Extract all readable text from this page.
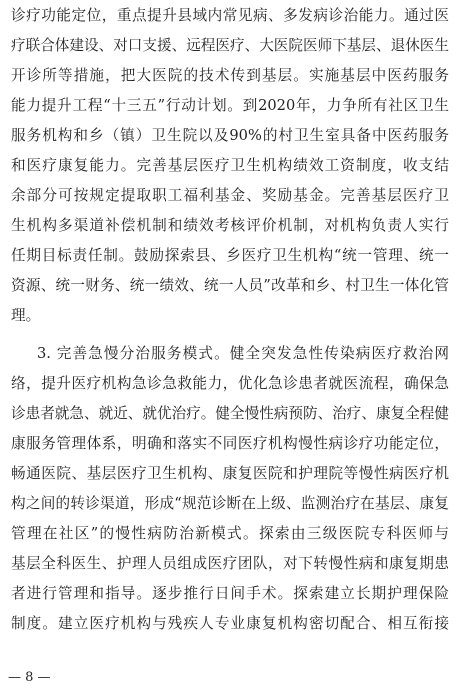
诊疗功能定位，重点提升县域内常见病、多发病诊治能力。通过医
疗联合体建设、对口支援、远程医疗、大医院医师下基层、退休医生
开诊所等措施，把大医院的技术传到基层。实施基层中医药服务
能力提升工程“十三五”行动计划。到2020年，力争所有社区卫生
服务机构和乡（镇）卫生院以及90%的村卫生室具备中医药服务
和医疗康复能力。完善基层医疗卫生机构绩效工资制度，收支结
余部分可按规定提取职工福利基金、奖励基金。完善基层医疗卫
生机构多渠道补偿机制和绩效考核评价机制，对机构负责人实行
任期目标责任制。鼓励探索县、乡医疗卫生机构“统一管理、统一
资源、统一财务、统一绩效、统一人员”改革和乡、村卫生一体化管
理。
3. 完善急慢分治服务模式。健全突发急性传染病医疗救治网
络，提升医疗机构急诊急救能力，优化急诊患者就医流程，确保急
诊患者就急、就近、就优治疗。健全慢性病预防、治疗、康复全程健
康服务管理体系，明确和落实不同医疗机构慢性病诊疗功能定位，
畅通医院、基层医疗卫生机构、康复医院和护理院等慢性病医疗机
构之间的转诊渠道，形成“规范诊断在上级、监测治疗在基层、康复
管理在社区”的慢性病防治新模式。探索由三级医院专科医师与
基层全科医生、护理人员组成医疗团队，对下转慢性病和康复期患
者进行管理和指导。逐步推行日间手术。探索建立长期护理保险
制度。建立医疗机构与残疾人专业康复机构密切配合、相互衔接
— 8 —
